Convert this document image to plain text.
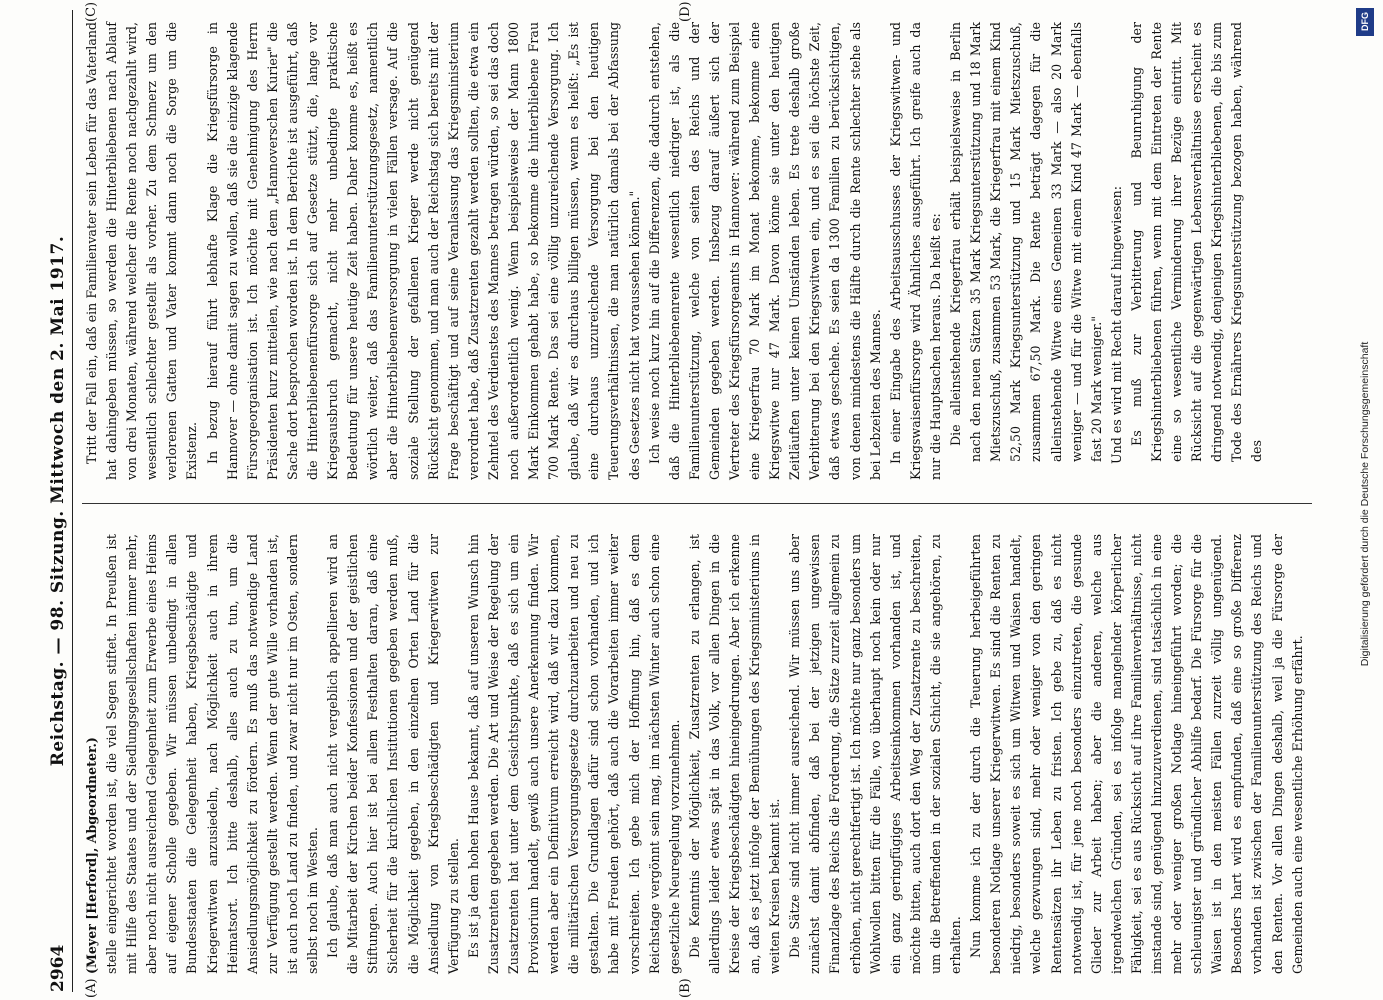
2964
Reichstag. — 98. Sitzung. Mittwoch den 2. Mai 1917.
(A)	(B)
(C)	(D)

(Meyer [Herford], Abgeordneter.) stelle eingerichtet worden ist, die viel Segen stiftet. In Preußen ist mit Hilfe des Staates und der Siedlungsgesellschaften immer mehr, aber noch nicht ausreichend Gelegenheit zum Erwerbe eines Heims auf eigener Scholle gegeben. Wir müssen unbedingt in allen Bundesstaaten die Gelegenheit haben, Kriegsbeschädigte und Kriegerwitwen anzusiedeln, nach Möglichkeit auch in ihrem Heimatsort. Ich bitte deshalb, alles auch zu tun, um die Ansiedlungsmöglichkeit zu fördern. Es muß das notwendige Land zur Verfügung gestellt werden. Wenn der gute Wille vorhanden ist, ist auch noch Land zu finden, und zwar nicht nur im Osten, sondern selbst noch im Westen. Ich glaube, daß man auch nicht vergeblich appellieren wird an die Mitarbeit der Kirchen beider Konfessionen und der geistlichen Stiftungen. Auch hier ist bei allem Festhalten daran, daß eine Sicherheit für die kirchlichen Institutionen gegeben werden muß, die Möglichkeit gegeben, in den einzelnen Orten Land für die Ansiedlung von Kriegsbeschädigten und Kriegerwitwen zur Verfügung zu stellen. Es ist ja dem hohen Hause bekannt, daß auf unseren Wunsch hin Zusatzrenten gegeben werden. Die Art und Weise der Regelung der Zusatzrenten hat unter dem Gesichtspunkte, daß es sich um ein Provisorium handelt, gewiß auch unsere Anerkennung finden. Wir werden aber ein Definitivum erreicht wird, daß wir dazu kommen, die militärischen Versorgungsgesetze durchzuarbeiten und neu zu gestalten. Die Grundlagen dafür sind schon vorhanden, und ich habe mit Freuden gehört, daß auch die Vorarbeiten immer weiter vorschreiten. Ich gebe mich der Hoffnung hin, daß es dem Reichstage vergönnt sein mag, im nächsten Winter auch schon eine gesetzliche Neuregelung vorzunehmen. Die Kenntnis der Möglichkeit, Zusatzrenten zu erlangen, ist allerdings leider etwas spät in das Volk, vor allen Dingen in die Kreise der Kriegsbeschädigten hineingedrungen. Aber ich erkenne an, daß es jetzt infolge der Bemühungen des Kriegsministeriums in weiten Kreisen bekannt ist. Die Sätze sind nicht immer ausreichend. Wir müssen uns aber zunächst damit abfinden, daß bei der jetzigen ungewissen Finanzlage des Reichs die Forderung, die Sätze zurzeit allgemein zu erhöhen, nicht gerechtfertigt ist. Ich möchte nur ganz besonders um Wohlwollen bitten für die Fälle, wo überhaupt noch kein oder nur ein ganz geringfügiges Arbeitseinkommen vorhanden ist, und möchte bitten, auch dort den Weg der Zusatzrente zu beschreiten, um die Betreffenden in der sozialen Schicht, die sie angehören, zu erhalten. Nun komme ich zu der durch die Teuerung herbeigeführten besonderen Notlage unserer Kriegerwitwen. Es sind die Renten zu niedrig, besonders soweit es sich um Witwen und Waisen handelt, welche gezwungen sind, mehr oder weniger von den geringen Rentensätzen ihr Leben zu fristen. Ich gebe zu, daß es nicht notwendig ist, für jene noch besonders einzutreten, die gesunde Glieder zur Arbeit haben; aber die anderen, welche aus irgendwelchen Gründen, sei es infolge mangelnder körperlicher Fähigkeit, sei es aus Rücksicht auf ihre Familienverhältnisse, nicht imstande sind, genügend hinzuzuverdienen, sind tatsächlich in eine mehr oder weniger großen Notlage hineingeführt worden; die schleunigster und gründlicher Abhilfe bedarf. Die Fürsorge für die Waisen ist in den meisten Fällen zurzeit völlig ungenügend. Besonders hart wird es empfunden, daß eine so große Differenz vorhanden ist zwischen der Familienunterstützung des Reichs und den Renten. Vor allen Dingen deshalb, weil ja die Fürsorge der Gemeinden auch eine wesentliche Erhöhung erfährt.

Tritt der Fall ein, daß ein Familienvater sein Leben für das Vaterland hat dahingeben müssen, so werden die Hinterbliebenen nach Ablauf von drei Monaten, während welcher die Rente noch nachgezahlt wird, wesentlich schlechter gestellt als vorher. Zu dem Schmerz um den verlorenen Gatten und Vater kommt dann noch die Sorge um die Existenz. In bezug hierauf führt lebhafte Klage die Kriegsfürsorge in Hannover — ohne damit sagen zu wollen, daß sie die einzige klagende Fürsorgeorganisation ist. Ich möchte mit Genehmigung des Herrn Präsidenten kurz mitteilen, wie nach dem „Hannoverschen Kurier" die Sache dort besprochen worden ist. In dem Berichte ist ausgeführt, daß die Hinterbliebenenfürsorge sich auf Gesetze stützt, die, lange vor Kriegsausbruch gemacht, nicht mehr unbedingte praktische Bedeutung für unsere heutige Zeit haben. Daher komme es, heißt es wörtlich weiter, daß das Familienunterstützungsgesetz, namentlich aber die Hinterbliebenenversorgung in vielen Fällen versage. Auf die soziale Stellung der gefallenen Krieger werde nicht genügend Rücksicht genommen, und man auch der Reichstag sich bereits mit der Frage beschäftigt und auf seine Veranlassung das Kriegsministerium verordnet habe, daß Zusatzrenten gezahlt werden sollten, die etwa ein Zehntel des Verdienstes des Mannes betragen würden, so sei das doch noch außerordentlich wenig. Wenn beispielsweise der Mann 1800 Mark Einkommen gehabt habe, so bekomme die hinterbliebene Frau 700 Mark Rente. Das sei eine völlig unzureichende Versorgung. Ich glaube, daß wir es durchaus billigen müssen, wenn es heißt: „Es ist eine durchaus unzureichende Versorgung bei den heutigen Teuerungsverhältnissen, die man natürlich damals bei der Abfassung des Gesetzes nicht hat voraussehen können." Ich weise noch kurz hin auf die Differenzen, die dadurch entstehen, daß die Hinterbliebenenrente wesentlich niedriger ist, als die Familienunterstützung, welche von seiten des Reichs und der Gemeinden gegeben werden. Insbezug darauf äußert sich der Vertreter des Kriegsfürsorgeamts in Hannover: während zum Beispiel eine Kriegerfrau 70 Mark im Monat bekomme, bekomme eine Kriegswitwe nur 47 Mark. Davon könne sie unter den heutigen Zeitläuften unter keinen Umständen leben. Es trete deshalb große Verbitterung bei den Kriegswitwen ein, und es sei die höchste Zeit, daß etwas geschehe. Es seien da 1300 Familien zu berücksichtigen, von denen mindestens die Hälfte durch die Rente schlechter stehe als bei Lebzeiten des Mannes. In einer Eingabe des Arbeitsausschusses der Kriegswitwen- und Kriegswaisenfürsorge wird Ähnliches ausgeführt. Ich greife auch da nur die Hauptsachen heraus. Da heißt es: Die alleinstehende Kriegerfrau erhält beispielsweise in Berlin nach den neuen Sätzen 35 Mark Kriegsunterstützung und 18 Mark Mietszuschuß, zusammen 53 Mark, die Kriegerfrau mit einem Kind 52,50 Mark Kriegsunterstützung und 15 Mark Mietszuschuß, zusammen 67,50 Mark. Die Rente beträgt dagegen für die alleinstehende Witwe eines Gemeinen 33 Mark — also 20 Mark weniger — und für die Witwe mit einem Kind 47 Mark — ebenfalls fast 20 Mark weniger." Und es wird mit Recht darauf hingewiesen: Es muß zur Verbitterung und Beunruhigung der Kriegshinterbliebenen führen, wenn mit dem Eintreten der Rente eine so wesentliche Verminderung ihrer Bezüge eintritt. Mit Rücksicht auf die gegenwärtigen Lebensverhältnisse erscheint es dringend notwendig, denjenigen Kriegshinterbliebenen, die bis zum Tode des Ernährers Kriegsunterstützung bezogen haben, während des	Digitalisierung gefördert durch die Deutsche Forschungsgemeinschaft
DFG
